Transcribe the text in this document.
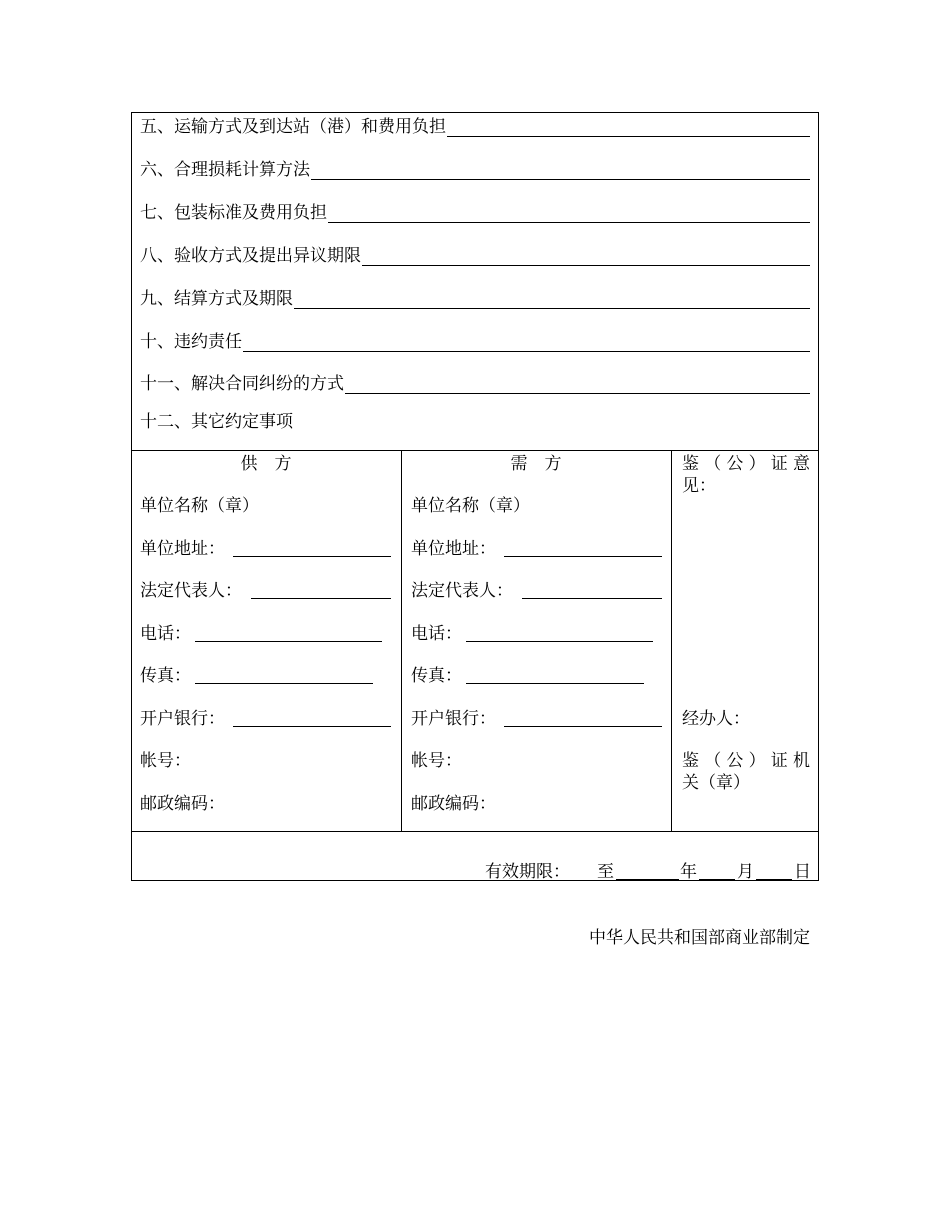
五、运输方式及到达站（港）和费用负担
六、合理损耗计算方法
七、包装标准及费用负担
八、验收方式及提出异议期限
九、结算方式及期限
十、违约责任
十一、解决合同纠纷的方式
十二、其它约定事项
供　方
单位名称（章）
单位地址：
法定代表人：
电话：
传真：
开户银行：
帐号：
邮政编码：
需　方
单位名称（章）
单位地址：
法定代表人：
电话：
传真：
开户银行：
帐号：
邮政编码：
鉴 （ 公 ） 证 意
见：
经办人：
鉴 （ 公 ） 证 机
关（章）
有效期限： 至	年 月 日
中华人民共和国部商业部制定
